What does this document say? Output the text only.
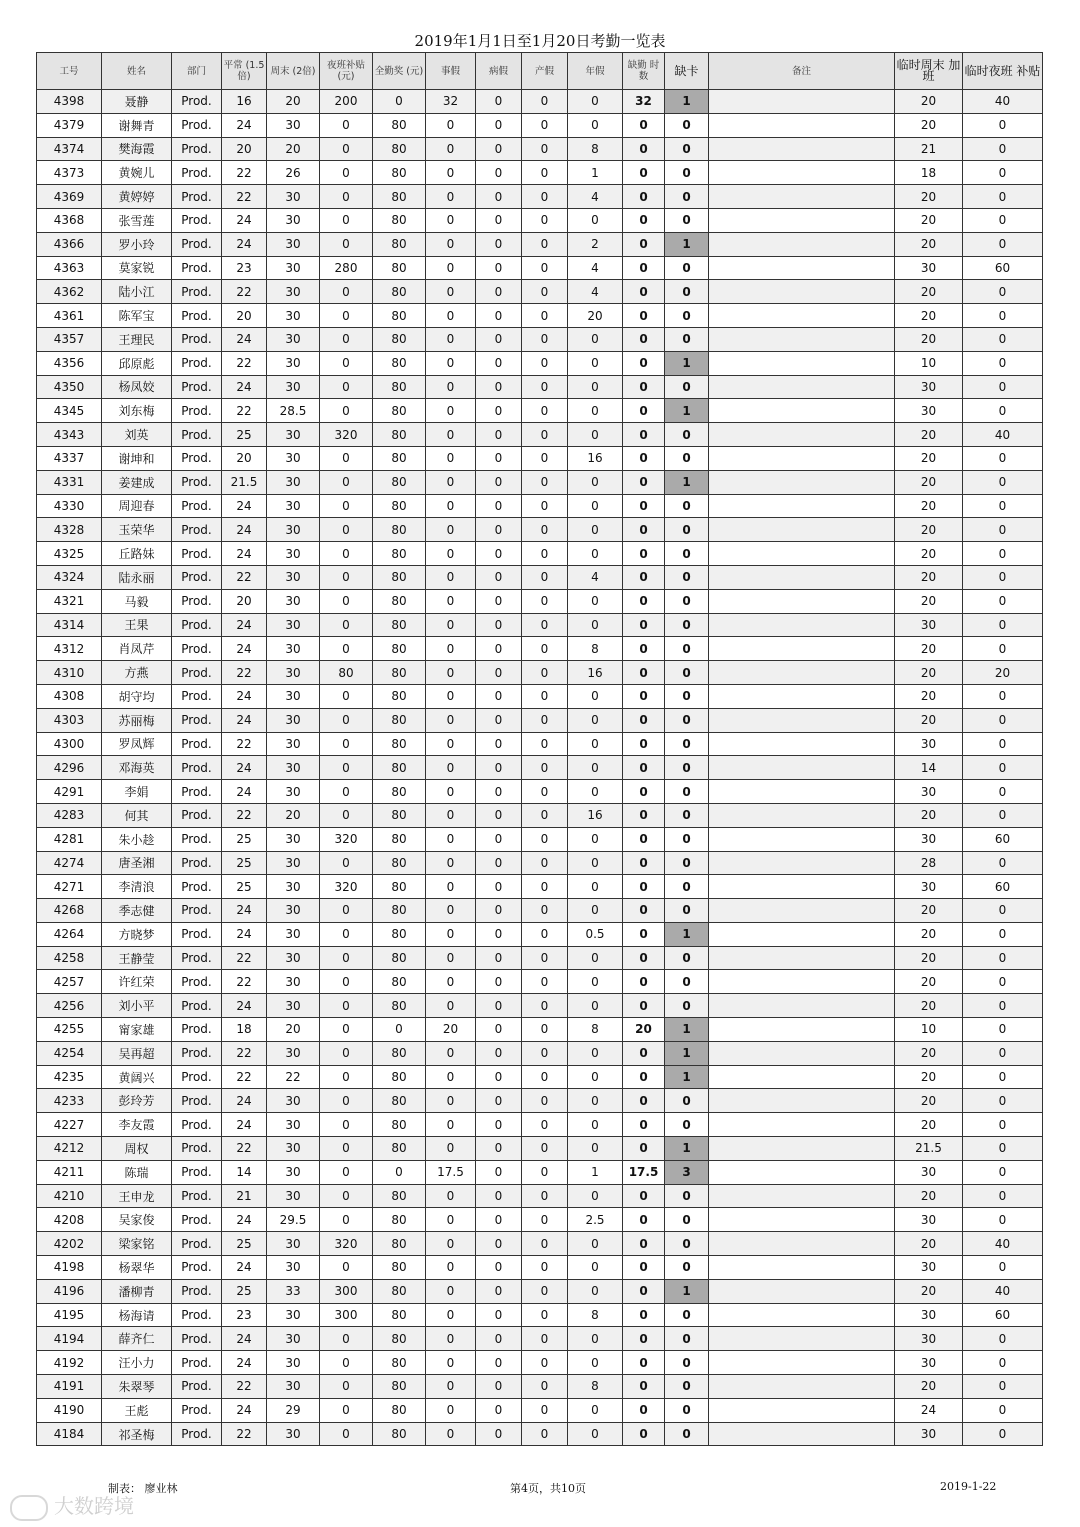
2019年1月1日至1月20日考勤一览表
工号	姓名	部门	平常 (1.5倍)	周末 (2倍)	夜班补贴 (元)	全勤奖 (元)	事假	病假	产假	年假	缺勤 时数	缺卡	备注	临时周末 加班	临时夜班 补贴
4398	聂静	Prod.	16	20	200	0	32	0	0	0	32	1		20	40
4379	谢舞青	Prod.	24	30	0	80	0	0	0	0	0	0		20	0
4374	樊海霞	Prod.	20	20	0	80	0	0	0	8	0	0		21	0
4373	黄婉儿	Prod.	22	26	0	80	0	0	0	1	0	0		18	0
4369	黄婷婷	Prod.	22	30	0	80	0	0	0	4	0	0		20	0
4368	张雪莲	Prod.	24	30	0	80	0	0	0	0	0	0		20	0
4366	罗小玲	Prod.	24	30	0	80	0	0	0	2	0	1		20	0
4363	莫家锐	Prod.	23	30	280	80	0	0	0	4	0	0		30	60
4362	陆小江	Prod.	22	30	0	80	0	0	0	4	0	0		20	0
4361	陈军宝	Prod.	20	30	0	80	0	0	0	20	0	0		20	0
4357	王理民	Prod.	24	30	0	80	0	0	0	0	0	0		20	0
4356	邱原彪	Prod.	22	30	0	80	0	0	0	0	0	1		10	0
4350	杨凤姣	Prod.	24	30	0	80	0	0	0	0	0	0		30	0
4345	刘东梅	Prod.	22	28.5	0	80	0	0	0	0	0	1		30	0
4343	刘英	Prod.	25	30	320	80	0	0	0	0	0	0		20	40
4337	谢坤和	Prod.	20	30	0	80	0	0	0	16	0	0		20	0
4331	姜建成	Prod.	21.5	30	0	80	0	0	0	0	0	1		20	0
4330	周迎春	Prod.	24	30	0	80	0	0	0	0	0	0		20	0
4328	玉荣华	Prod.	24	30	0	80	0	0	0	0	0	0		20	0
4325	丘路妹	Prod.	24	30	0	80	0	0	0	0	0	0		20	0
4324	陆永丽	Prod.	22	30	0	80	0	0	0	4	0	0		20	0
4321	马毅	Prod.	20	30	0	80	0	0	0	0	0	0		20	0
4314	王果	Prod.	24	30	0	80	0	0	0	0	0	0		30	0
4312	肖凤芹	Prod.	24	30	0	80	0	0	0	8	0	0		20	0
4310	方燕	Prod.	22	30	80	80	0	0	0	16	0	0		20	20
4308	胡守均	Prod.	24	30	0	80	0	0	0	0	0	0		20	0
4303	苏丽梅	Prod.	24	30	0	80	0	0	0	0	0	0		20	0
4300	罗凤辉	Prod.	22	30	0	80	0	0	0	0	0	0		30	0
4296	邓海英	Prod.	24	30	0	80	0	0	0	0	0	0		14	0
4291	李娟	Prod.	24	30	0	80	0	0	0	0	0	0		30	0
4283	何其	Prod.	22	20	0	80	0	0	0	16	0	0		20	0
4281	朱小趁	Prod.	25	30	320	80	0	0	0	0	0	0		30	60
4274	唐圣湘	Prod.	25	30	0	80	0	0	0	0	0	0		28	0
4271	李清浪	Prod.	25	30	320	80	0	0	0	0	0	0		30	60
4268	季志健	Prod.	24	30	0	80	0	0	0	0	0	0		20	0
4264	方晓梦	Prod.	24	30	0	80	0	0	0	0.5	0	1		20	0
4258	王静莹	Prod.	22	30	0	80	0	0	0	0	0	0		20	0
4257	许红荣	Prod.	22	30	0	80	0	0	0	0	0	0		20	0
4256	刘小平	Prod.	24	30	0	80	0	0	0	0	0	0		20	0
4255	甯家雄	Prod.	18	20	0	0	20	0	0	8	20	1		10	0
4254	吴再超	Prod.	22	30	0	80	0	0	0	0	0	1		20	0
4235	黄阔兴	Prod.	22	22	0	80	0	0	0	0	0	1		20	0
4233	彭玲芳	Prod.	24	30	0	80	0	0	0	0	0	0		20	0
4227	李友霞	Prod.	24	30	0	80	0	0	0	0	0	0		20	0
4212	周权	Prod.	22	30	0	80	0	0	0	0	0	1		21.5	0
4211	陈瑞	Prod.	14	30	0	0	17.5	0	0	1	17.5	3		30	0
4210	王申龙	Prod.	21	30	0	80	0	0	0	0	0	0		20	0
4208	吴家俊	Prod.	24	29.5	0	80	0	0	0	2.5	0	0		30	0
4202	梁家铭	Prod.	25	30	320	80	0	0	0	0	0	0		20	40
4198	杨翠华	Prod.	24	30	0	80	0	0	0	0	0	0		30	0
4196	潘柳青	Prod.	25	33	300	80	0	0	0	0	0	1		20	40
4195	杨海请	Prod.	23	30	300	80	0	0	0	8	0	0		30	60
4194	薛齐仁	Prod.	24	30	0	80	0	0	0	0	0	0		30	0
4192	汪小力	Prod.	24	30	0	80	0	0	0	0	0	0		30	0
4191	朱翠琴	Prod.	22	30	0	80	0	0	0	8	0	0		20	0
4190	王彪	Prod.	24	29	0	80	0	0	0	0	0	0		24	0
4184	祁圣梅	Prod.	22	30	0	80	0	0	0	0	0	0		30	0
制表： 廖业林	第4页，共10页	2019-1-22
大数跨境
